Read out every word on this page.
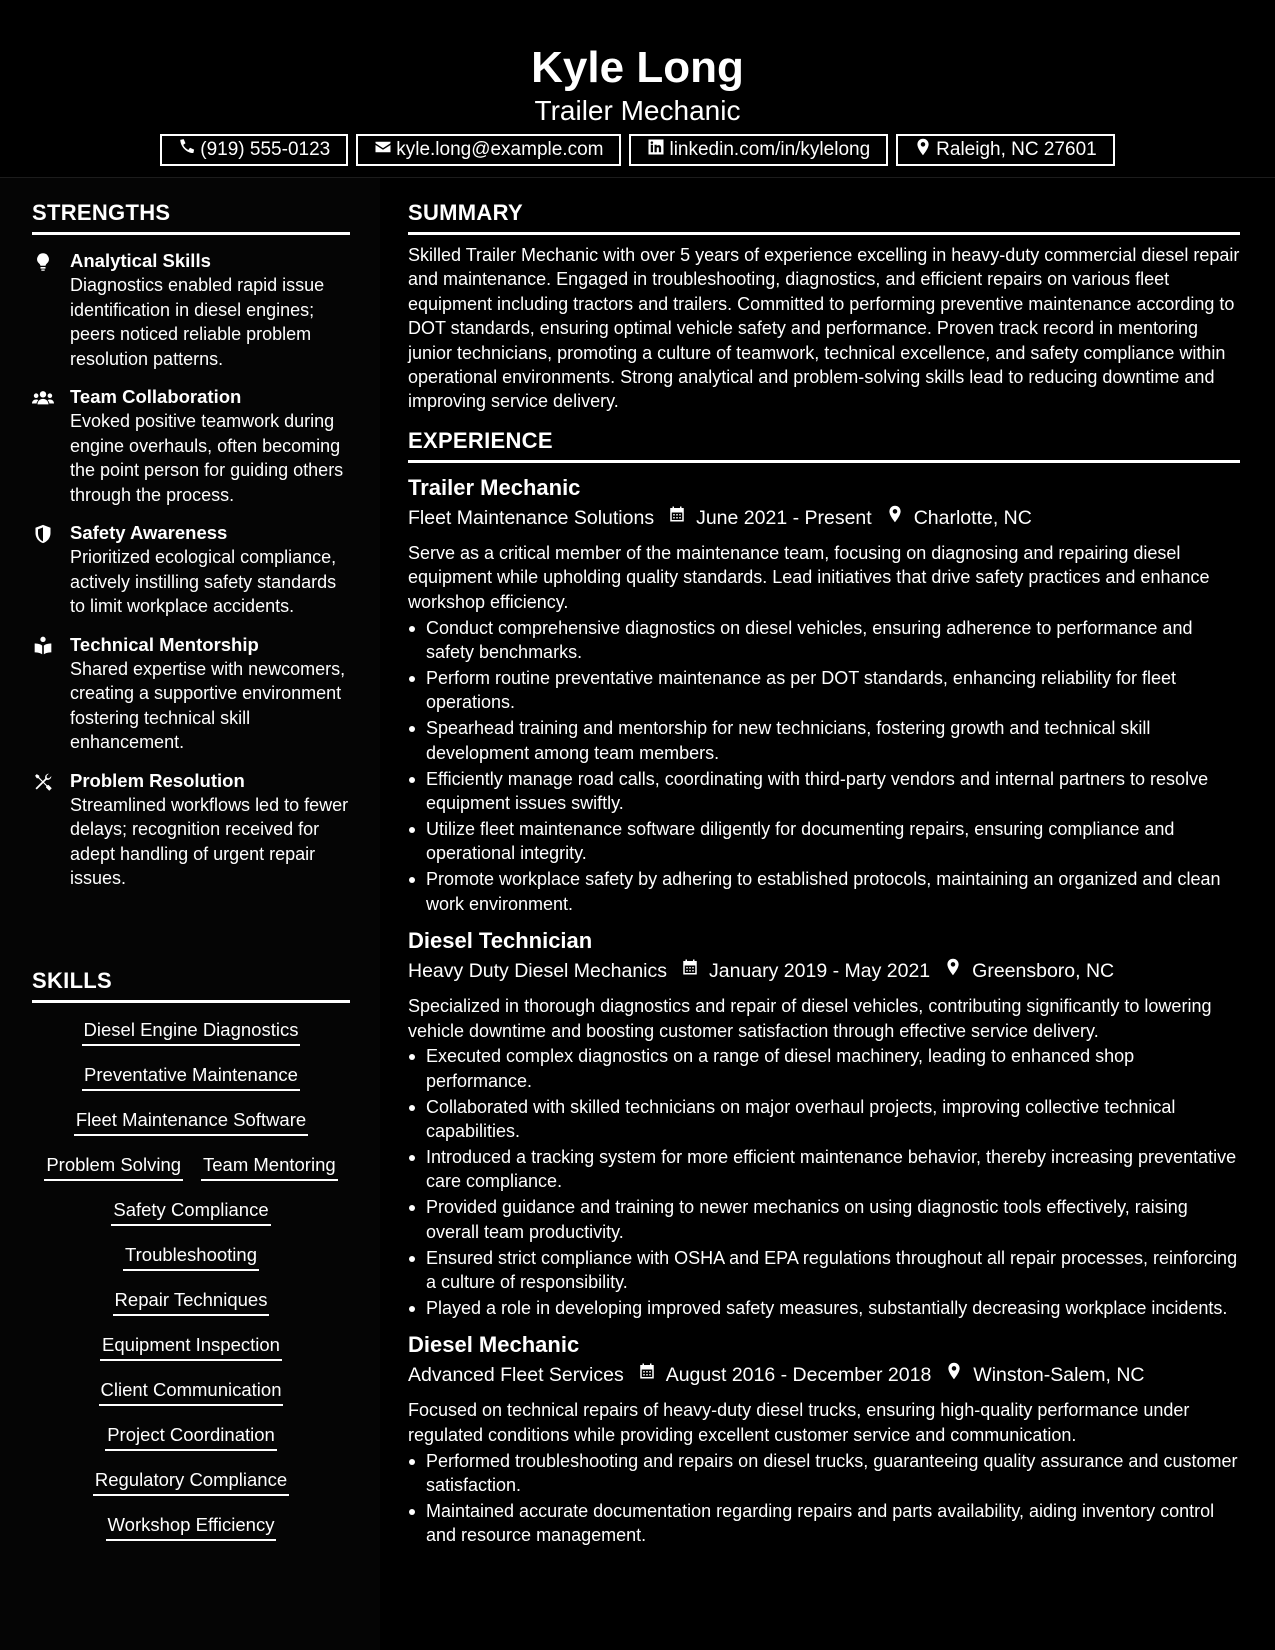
Kyle Long
Trailer Mechanic
(919) 555-0123	kyle.long@example.com	linkedin.com/in/kylelong	Raleigh, NC 27601
STRENGTHS
Analytical Skills

Diagnostics enabled rapid issue identification in diesel engines; peers noticed reliable problem resolution patterns.

Team Collaboration

Evoked positive teamwork during engine overhauls, often becoming the point person for guiding others through the process.

Safety Awareness

Prioritized ecological compliance, actively instilling safety standards to limit workplace accidents.

Technical Mentorship

Shared expertise with newcomers, creating a supportive environment fostering technical skill enhancement.

Problem Resolution

Streamlined workflows led to fewer delays; recognition received for adept handling of urgent repair issues.

SKILLS
Diesel Engine Diagnostics
Preventative Maintenance
Fleet Maintenance Software
Problem Solving Team Mentoring
Safety Compliance
Troubleshooting
Repair Techniques
Equipment Inspection
Client Communication
Project Coordination
Regulatory Compliance
Workshop Efficiency
SUMMARY

Skilled Trailer Mechanic with over 5 years of experience excelling in heavy-duty commercial diesel repair and maintenance. Engaged in troubleshooting, diagnostics, and efficient repairs on various fleet equipment including tractors and trailers. Committed to performing preventive maintenance according to DOT standards, ensuring optimal vehicle safety and performance. Proven track record in mentoring junior technicians, promoting a culture of teamwork, technical excellence, and safety compliance within operational environments. Strong analytical and problem-solving skills lead to reducing downtime and improving service delivery.

EXPERIENCE
Trailer Mechanic
Fleet Maintenance Solutions June 2021 - Present Charlotte, NC

Serve as a critical member of the maintenance team, focusing on diagnosing and repairing diesel equipment while upholding quality standards. Lead initiatives that drive safety practices and enhance workshop efficiency.

Conduct comprehensive diagnostics on diesel vehicles, ensuring adherence to performance and safety benchmarks.
Perform routine preventative maintenance as per DOT standards, enhancing reliability for fleet operations.
Spearhead training and mentorship for new technicians, fostering growth and technical skill development among team members.
Efficiently manage road calls, coordinating with third-party vendors and internal partners to resolve equipment issues swiftly.
Utilize fleet maintenance software diligently for documenting repairs, ensuring compliance and operational integrity.
Promote workplace safety by adhering to established protocols, maintaining an organized and clean work environment.
Diesel Technician
Heavy Duty Diesel Mechanics January 2019 - May 2021 Greensboro, NC

Specialized in thorough diagnostics and repair of diesel vehicles, contributing significantly to lowering vehicle downtime and boosting customer satisfaction through effective service delivery.

Executed complex diagnostics on a range of diesel machinery, leading to enhanced shop performance.
Collaborated with skilled technicians on major overhaul projects, improving collective technical capabilities.
Introduced a tracking system for more efficient maintenance behavior, thereby increasing preventative care compliance.
Provided guidance and training to newer mechanics on using diagnostic tools effectively, raising overall team productivity.
Ensured strict compliance with OSHA and EPA regulations throughout all repair processes, reinforcing a culture of responsibility.
Played a role in developing improved safety measures, substantially decreasing workplace incidents.
Diesel Mechanic
Advanced Fleet Services August 2016 - December 2018 Winston-Salem, NC

Focused on technical repairs of heavy-duty diesel trucks, ensuring high-quality performance under regulated conditions while providing excellent customer service and communication.

Performed troubleshooting and repairs on diesel trucks, guaranteeing quality assurance and customer satisfaction.
Maintained accurate documentation regarding repairs and parts availability, aiding inventory control and resource management.
